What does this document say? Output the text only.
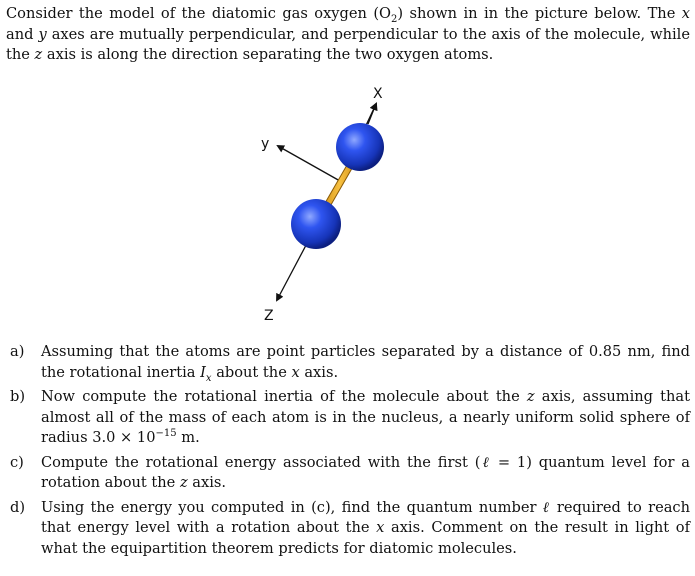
Consider the model of the diatomic gas oxygen $(O_2)$ shown in in the picture below. The x and y axes are mutually perpendicular, and perpendicular to the axis of the molecule, while the z axis is along the direction separating the two oxygen atoms.

X
y
Z
a) Assuming that the atoms are point particles separated by a distance of 0.85 nm, find the rotational inertia $I_x$ about the x axis.
b) Now compute the rotational inertia of the molecule about the z axis, assuming that almost all of the mass of each atom is in the nucleus, a nearly uniform solid sphere of radius $3.0 \times 10^{-15}$ m.
c) Compute the rotational energy associated with the first (ℓ = 1) quantum level for a rotation about the z axis.
d) Using the energy you computed in (c), find the quantum number ℓ required to reach that energy level with a rotation about the x axis. Comment on the result in light of what the equipartition theorem predicts for diatomic molecules.
